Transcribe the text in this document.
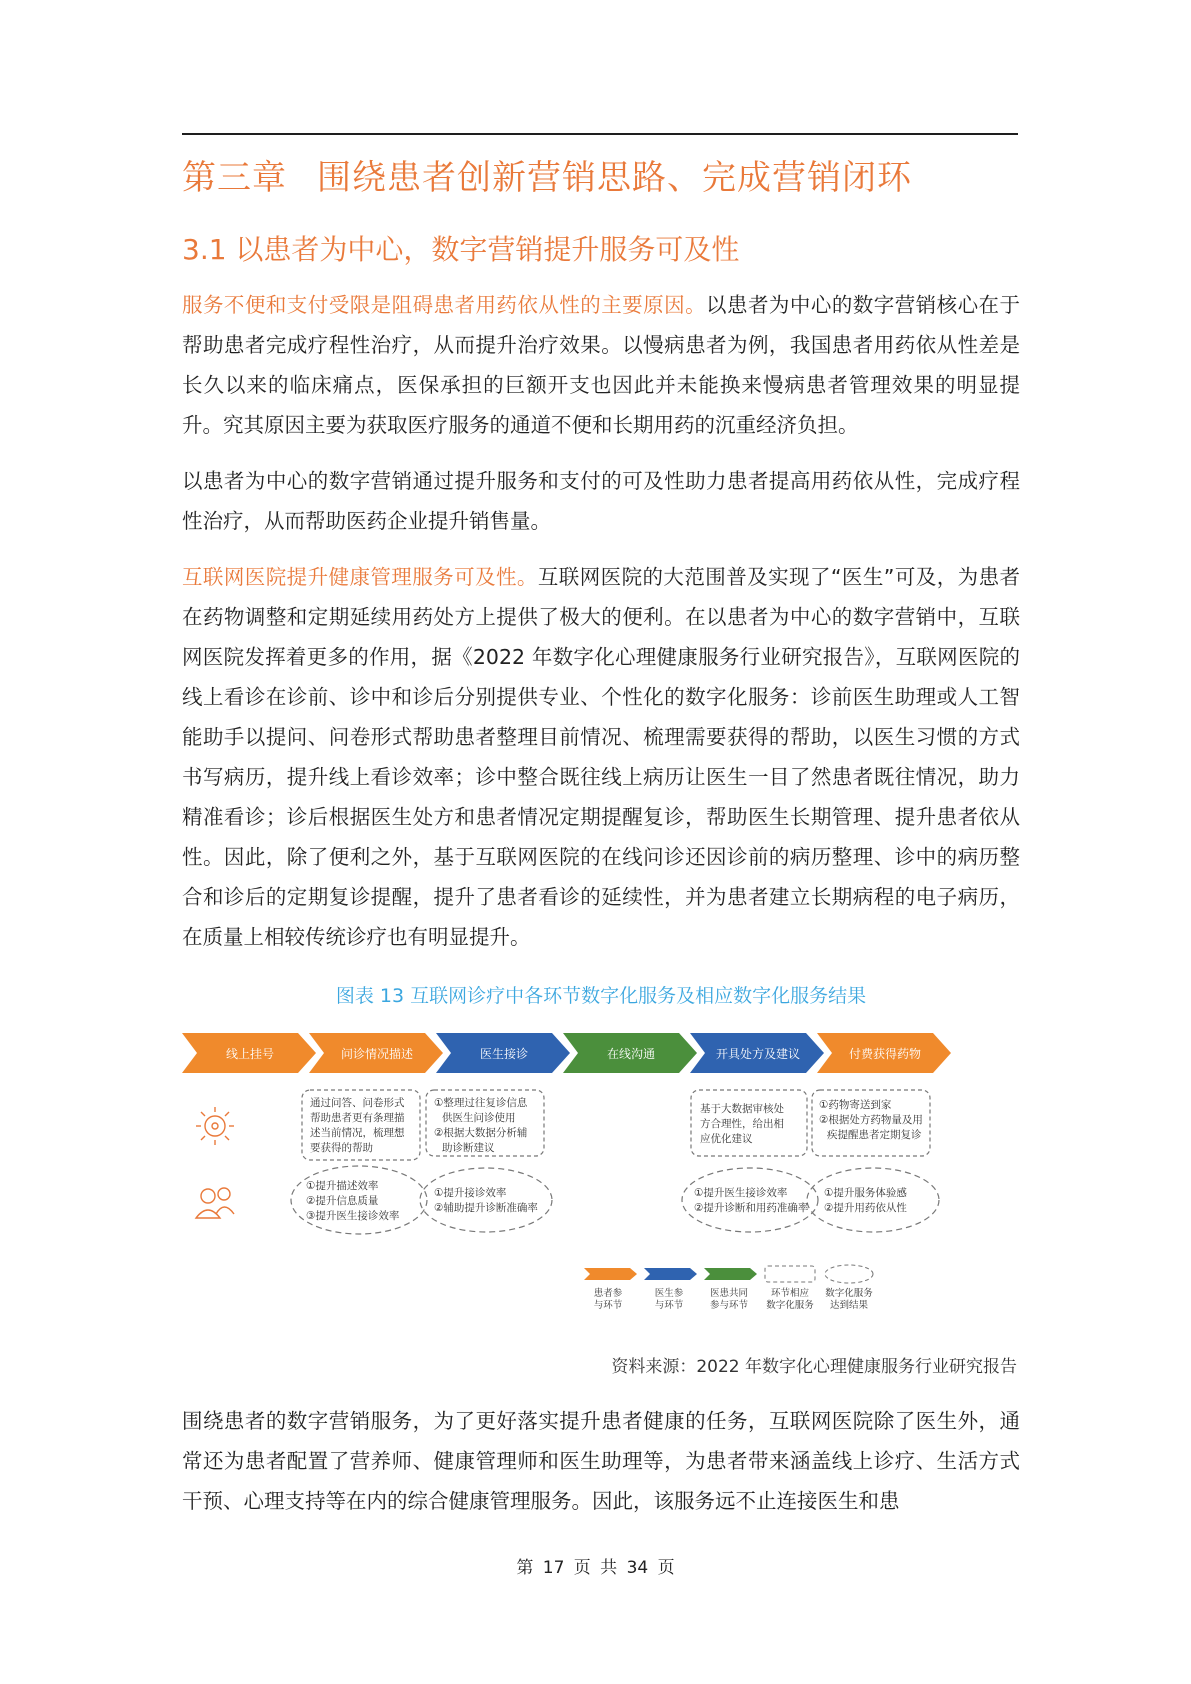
第三章 围绕患者创新营销思路、完成营销闭环
3.1 以患者为中心，数字营销提升服务可及性

服务不便和支付受限是阻碍患者用药依从性的主要原因。以患者为中心的数字营销核心在于帮助患者完成疗程性治疗，从而提升治疗效果。以慢病患者为例，我国患者用药依从性差是长久以来的临床痛点，医保承担的巨额开支也因此并未能换来慢病患者管理效果的明显提升。究其原因主要为获取医疗服务的通道不便和长期用药的沉重经济负担。

以患者为中心的数字营销通过提升服务和支付的可及性助力患者提高用药依从性，完成疗程性治疗，从而帮助医药企业提升销售量。

互联网医院提升健康管理服务可及性。互联网医院的大范围普及实现了“医生”可及，为患者在药物调整和定期延续用药处方上提供了极大的便利。在以患者为中心的数字营销中，互联网医院发挥着更多的作用，据《2022 年数字化心理健康服务行业研究报告》，互联网医院的线上看诊在诊前、诊中和诊后分别提供专业、个性化的数字化服务：诊前医生助理或人工智能助手以提问、问卷形式帮助患者整理目前情况、梳理需要获得的帮助，以医生习惯的方式书写病历，提升线上看诊效率；诊中整合既往线上病历让医生一目了然患者既往情况，助力精准看诊；诊后根据医生处方和患者情况定期提醒复诊，帮助医生长期管理、提升患者依从性。因此，除了便利之外，基于互联网医院的在线问诊还因诊前的病历整理、诊中的病历整合和诊后的定期复诊提醒，提升了患者看诊的延续性，并为患者建立长期病程的电子病历，在质量上相较传统诊疗也有明显提升。

图表 13 互联网诊疗中各环节数字化服务及相应数字化服务结果
线上挂号	问诊情况描述	医生接诊	在线沟通	开具处方及建议	付费获得药物
通过问答、问卷形式
帮助患者更有条理描
述当前情况，梳理想
要获得的帮助
①整理过往复诊信息
供医生问诊使用
②根据大数据分析辅
助诊断建议
基于大数据审核处
方合理性，给出相
应优化建议
①药物寄送到家
②根据处方药物量及用
疾提醒患者定期复诊
①提升描述效率
②提升信息质量
③提升医生接诊效率
①提升接诊效率
②辅助提升诊断准确率
①提升医生接诊效率
②提升诊断和用药准确率
①提升服务体验感
②提升用药依从性
患者参
与环节
医生参
与环节
医患共同
参与环节
环节相应
数字化服务
数字化服务
达到结果
资料来源：2022 年数字化心理健康服务行业研究报告

围绕患者的数字营销服务，为了更好落实提升患者健康的任务，互联网医院除了医生外，通常还为患者配置了营养师、健康管理师和医生助理等，为患者带来涵盖线上诊疗、生活方式干预、心理支持等在内的综合健康管理服务。因此，该服务远不止连接医生和患

第 17 页 共 34 页
